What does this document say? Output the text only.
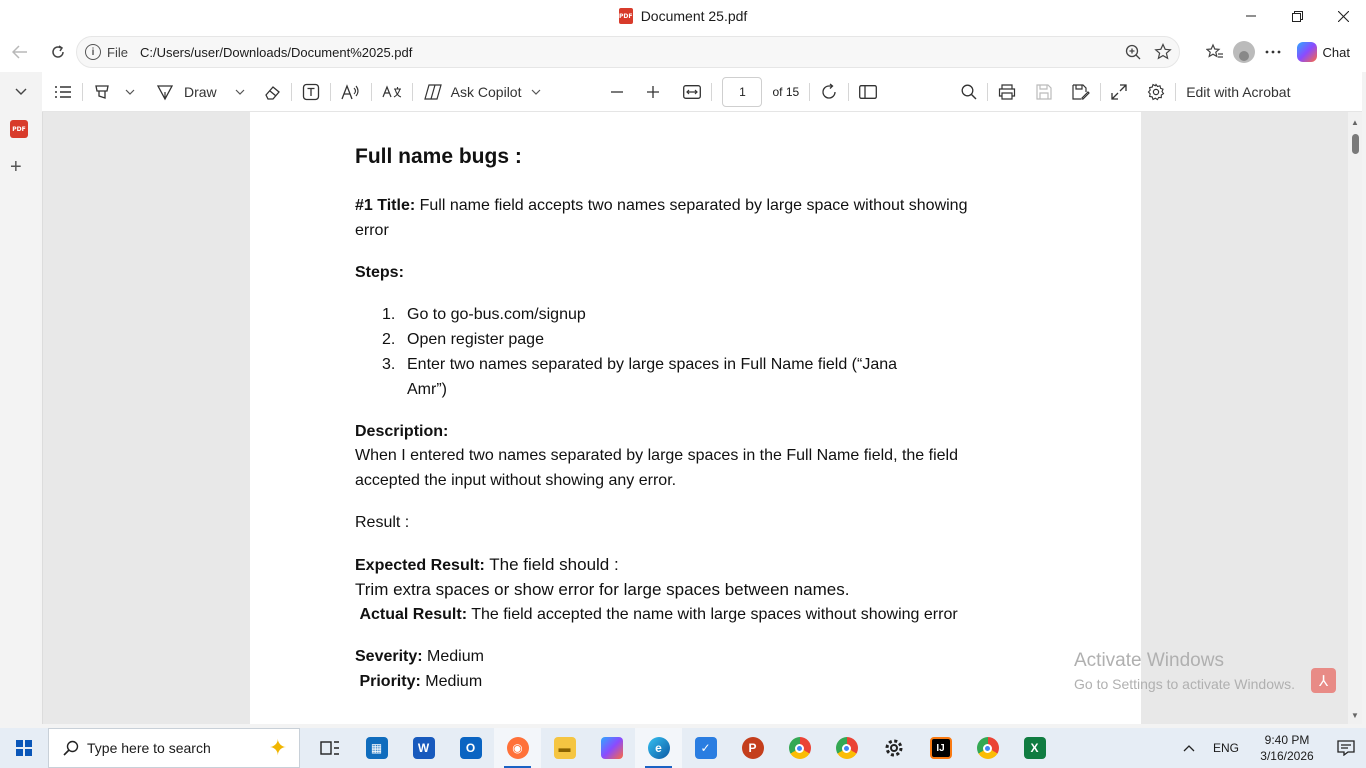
PDF Document 25.pdf
i File C:/Users/user/Downloads/Document%2025.pdf	Chat
PDF
+
Draw	Ask Copilot	1	of 15	Edit with Acrobat
Full name bugs :
#1 Title: Full name field accepts two names separated by large space without showing
error
Steps:
1. Go to go-bus.com/signup
2. Open register page
3. Enter two names separated by large spaces in Full Name field (“Jana
Amr”)
Description:
When I entered two names separated by large spaces in the Full Name field, the field
accepted the input without showing any error.
Result :
Expected Result: The field should :
Trim extra spaces or show error for large spaces between names.
Actual Result: The field accepted the name with large spaces without showing error
Severity: Medium
Priority: Medium
Activate Windows
Go to Settings to activate Windows.	⅄
▲
▼
Type here to search	✦	▦	W	O	◉	▬	e	✓	P	IJ	X	ENG
9:40 PM
3/16/2026
